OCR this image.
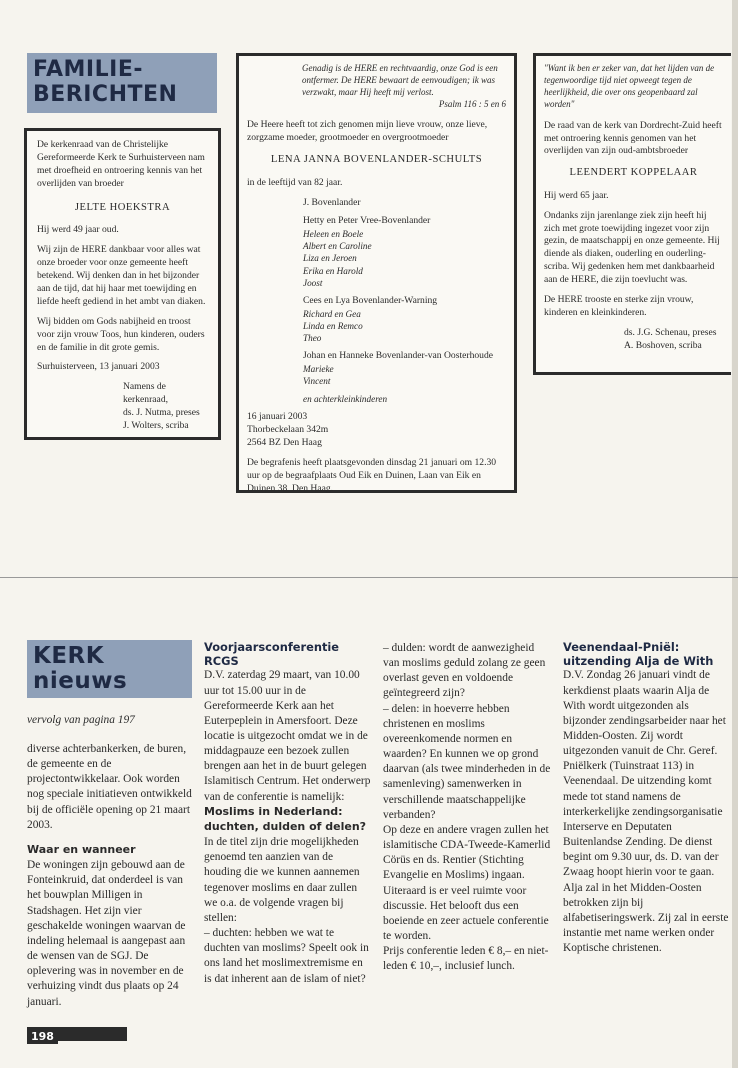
FAMILIE-
BERICHTEN

De kerkenraad van de Christelijke Gereformeerde Kerk te Surhuisterveen nam met droefheid en ontroering kennis van het overlijden van broeder

JELTE HOEKSTRA

Hij werd 49 jaar oud.

Wij zijn de HERE dankbaar voor alles wat onze broeder voor onze gemeente heeft betekend. Wij denken dan in het bijzonder aan de tijd, dat hij haar met toewijding en liefde heeft gediend in het ambt van diaken.

Wij bidden om Gods nabijheid en troost voor zijn vrouw Toos, hun kinderen, ouders en de familie in dit grote gemis.

Surhuisterveen, 13 januari 2003

Namens de kerkenraad,
ds. J. Nutma, preses
J. Wolters, scriba
Genadig is de HERE en rechtvaardig, onze God is een ontfermer. De HERE bewaart de eenvoudigen; ik was verzwakt, maar Hij heeft mij verlost.
Psalm 116 : 5 en 6

De Heere heeft tot zich genomen mijn lieve vrouw, onze lieve, zorgzame moeder, grootmoeder en overgrootmoeder

LENA JANNA BOVENLANDER-SCHULTS

in de leeftijd van 82 jaar.

J. Bovenlander
Hetty en Peter Vree-Bovenlander
Heleen en Boele
Albert en Caroline
Liza en Jeroen
Erika en Harold
Joost
Cees en Lya Bovenlander-Warning
Richard en Gea
Linda en Remco
Theo
Johan en Hanneke Bovenlander-van Oosterhoude
Marieke
Vincent
en achterkleinkinderen
16 januari 2003
Thorbeckelaan 342m
2564 BZ Den Haag
De begrafenis heeft plaatsgevonden dinsdag 21 januari om 12.30 uur op de begraafplaats Oud Eik en Duinen, Laan van Eik en Duinen 38, Den Haag.

"Want ik ben er zeker van, dat het lijden van de tegenwoordige tijd niet opweegt tegen de heerlijkheid, die over ons geopenbaard zal worden"

De raad van de kerk van Dordrecht-Zuid heeft met ontroering kennis genomen van het overlijden van zijn oud-ambtsbroeder

LEENDERT KOPPELAAR

Hij werd 65 jaar.

Ondanks zijn jarenlange ziek zijn heeft hij zich met grote toewijding ingezet voor zijn gezin, de maatschappij en onze gemeente. Hij diende als diaken, ouderling en ouderling-scriba. Wij gedenken hem met dankbaarheid aan de HERE, die zijn toevlucht was.

De HERE trooste en sterke zijn vrouw, kinderen en kleinkinderen.

ds. J.G. Schenau, preses
A. Boshoven, scriba
KERK
nieuws
vervolg van pagina 197

diverse achterbankerken, de buren, de gemeente en de projectontwikkelaar. Ook worden nog speciale initiatieven ontwikkeld bij de officiële opening op 21 maart 2003.

Waar en wanneer

De woningen zijn gebouwd aan de Fonteinkruid, dat onderdeel is van het bouwplan Milligen in Stadshagen. Het zijn vier geschakelde woningen waarvan de indeling helemaal is aangepast aan de wensen van de SGJ. De oplevering was in november en de verhuizing vindt dus plaats op 24 januari.

Voorjaarsconferentie RCGS

D.V. zaterdag 29 maart, van 10.00 uur tot 15.00 uur in de Gereformeerde Kerk aan het Euterpeplein in Amersfoort. Deze locatie is uitgezocht omdat we in de middagpauze een bezoek zullen brengen aan het in de buurt gelegen Islamitisch Centrum. Het onderwerp van de conferentie is namelijk:

Moslims in Nederland: duchten, dulden of delen?

In de titel zijn drie mogelijkheden genoemd ten aanzien van de houding die we kunnen aannemen tegenover moslims en daar zullen we o.a. de volgende vragen bij stellen:

– duchten: hebben we wat te duchten van moslims? Speelt ook in ons land het moslimextremisme en is dat inherent aan de islam of niet?

– dulden: wordt de aanwezigheid van moslims geduld zolang ze geen overlast geven en voldoende geïntegreerd zijn?

– delen: in hoeverre hebben christenen en moslims overeenkomende normen en waarden? En kunnen we op grond daarvan (als twee minderheden in de samenleving) samenwerken in verschillende maatschappelijke verbanden?

Op deze en andere vragen zullen het islamitische CDA-Tweede-Kamerlid Cörüs en ds. Rentier (Stichting Evangelie en Moslims) ingaan. Uiteraard is er veel ruimte voor discussie. Het belooft dus een boeiende en zeer actuele conferentie te worden.

Prijs conferentie leden € 8,– en niet-leden € 10,–, inclusief lunch.

Veenendaal-Pniël: uitzending Alja de With

D.V. Zondag 26 januari vindt de kerkdienst plaats waarin Alja de With wordt uitgezonden als bijzonder zendingsarbeider naar het Midden-Oosten. Zij wordt uitgezonden vanuit de Chr. Geref. Pniëlkerk (Tuinstraat 113) in Veenendaal. De uitzending komt mede tot stand namens de interkerkelijke zendingsorganisatie Interserve en Deputaten Buitenlandse Zending. De dienst begint om 9.30 uur, ds. D. van der Zwaag hoopt hierin voor te gaan.

Alja zal in het Midden-Oosten betrokken zijn bij alfabetiseringswerk. Zij zal in eerste instantie met name werken onder Koptische christenen.

198
